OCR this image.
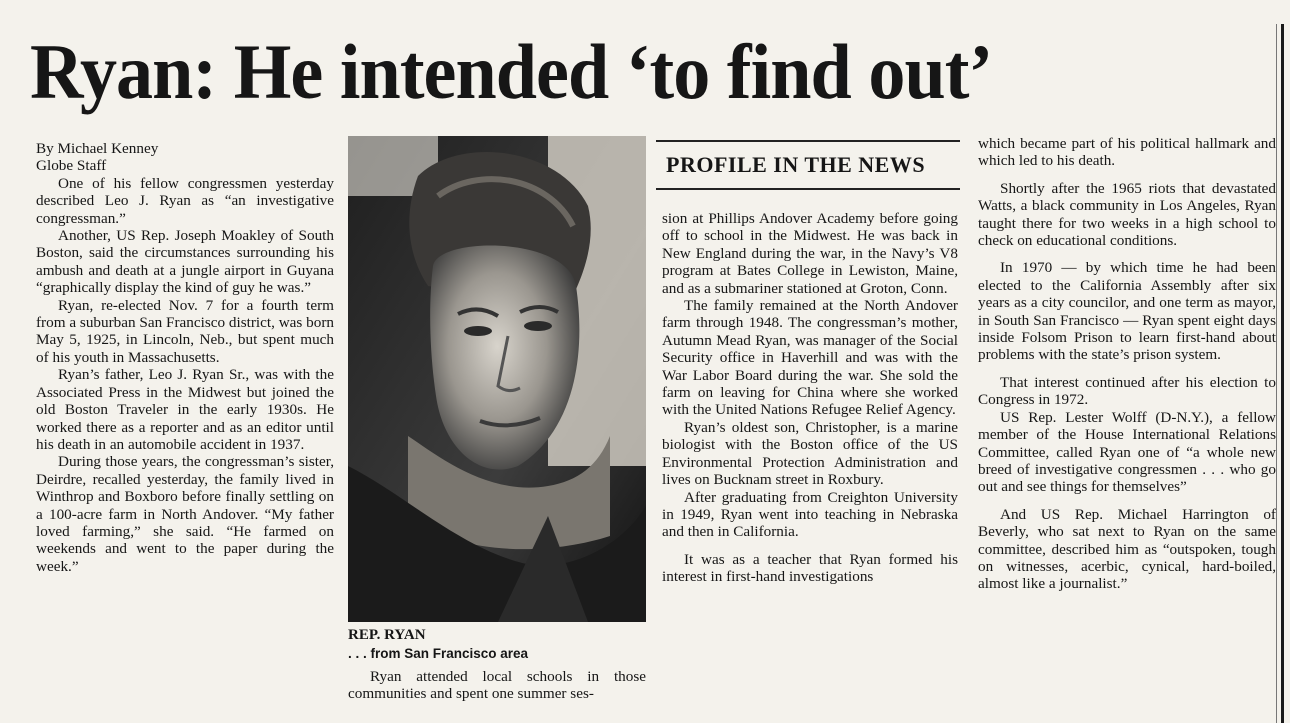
Ryan: He intended ‘to find out’
By Michael Kenney
Globe Staff

One of his fellow congressmen yesterday described Leo J. Ryan as “an investigative congressman.”

Another, US Rep. Joseph Moakley of South Boston, said the circumstances surrounding his ambush and death at a jungle airport in Guyana “graphically display the kind of guy he was.”

Ryan, re-elected Nov. 7 for a fourth term from a suburban San Francisco district, was born May 5, 1925, in Lincoln, Neb., but spent much of his youth in Massachusetts.

Ryan’s father, Leo J. Ryan Sr., was with the Associated Press in the Midwest but joined the old Boston Traveler in the early 1930s. He worked there as a reporter and as an editor until his death in an automobile accident in 1937.

During those years, the congressman’s sister, Deirdre, recalled yesterday, the family lived in Winthrop and Boxboro before finally settling on a 100-acre farm in North Andover. “My father loved farming,” she said. “He farmed on weekends and went to the paper during the week.”

REP. RYAN
. . . from San Francisco area

Ryan attended local schools in those communities and spent one summer ses-

PROFILE IN THE NEWS

sion at Phillips Andover Academy before going off to school in the Midwest. He was back in New England during the war, in the Navy’s V8 program at Bates College in Lewiston, Maine, and as a submariner stationed at Groton, Conn.

The family remained at the North Andover farm through 1948. The congressman’s mother, Autumn Mead Ryan, was manager of the Social Security office in Haverhill and was with the War Labor Board during the war. She sold the farm on leaving for China where she worked with the United Nations Refugee Relief Agency.

Ryan’s oldest son, Christopher, is a marine biologist with the Boston office of the US Environmental Protection Administration and lives on Bucknam street in Roxbury.

After graduating from Creighton University in 1949, Ryan went into teaching in Nebraska and then in California.

It was as a teacher that Ryan formed his interest in first-hand investigations

which became part of his political hallmark and which led to his death.

Shortly after the 1965 riots that devastated Watts, a black community in Los Angeles, Ryan taught there for two weeks in a high school to check on educational conditions.

In 1970 — by which time he had been elected to the California Assembly after six years as a city councilor, and one term as mayor, in South San Francisco — Ryan spent eight days inside Folsom Prison to learn first-hand about problems with the state’s prison system.

That interest continued after his election to Congress in 1972.

US Rep. Lester Wolff (D-N.Y.), a fellow member of the House International Relations Committee, called Ryan one of “a whole new breed of investigative congressmen . . . who go out and see things for themselves”

And US Rep. Michael Harrington of Beverly, who sat next to Ryan on the same committee, described him as “outspoken, tough on witnesses, acerbic, cynical, hard-boiled, almost like a journalist.”
